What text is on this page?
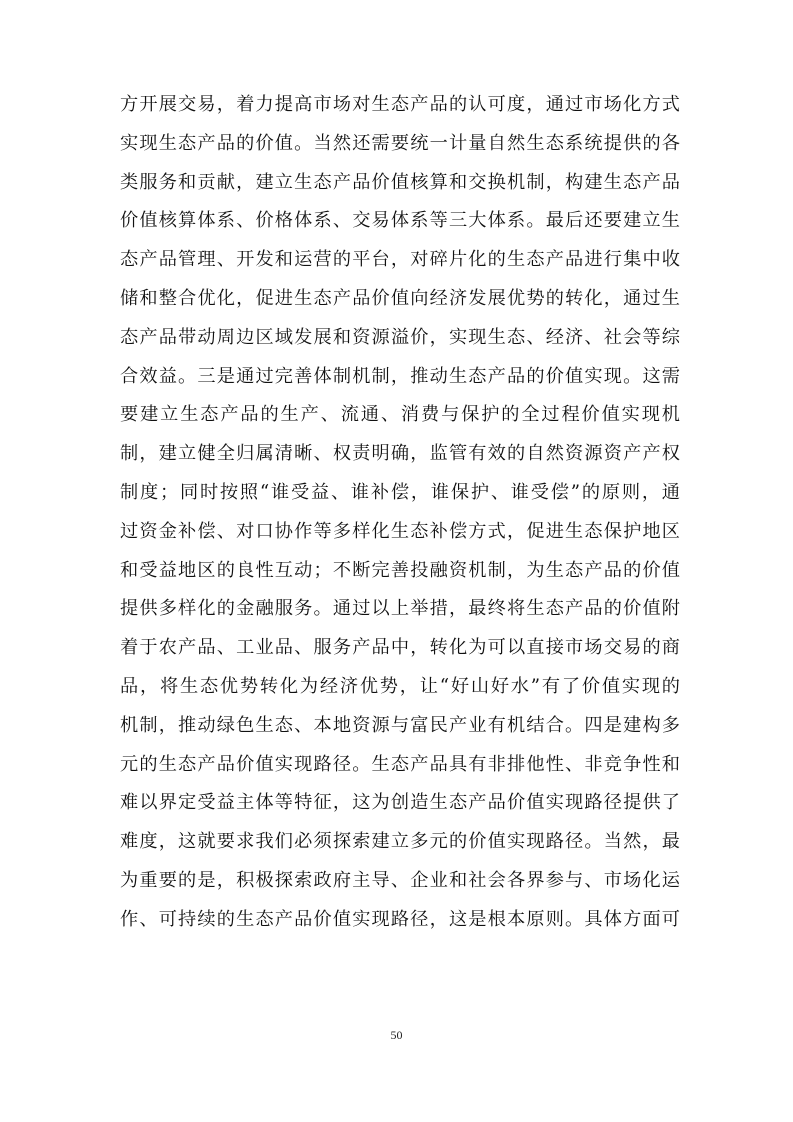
方开展交易，着力提高市场对生态产品的认可度，通过市场化方式
实现生态产品的价值。当然还需要统一计量自然生态系统提供的各
类服务和贡献，建立生态产品价值核算和交换机制，构建生态产品
价值核算体系、价格体系、交易体系等三大体系。最后还要建立生
态产品管理、开发和运营的平台，对碎片化的生态产品进行集中收
储和整合优化，促进生态产品价值向经济发展优势的转化，通过生
态产品带动周边区域发展和资源溢价，实现生态、经济、社会等综
合效益。三是通过完善体制机制，推动生态产品的价值实现。这需
要建立生态产品的生产、流通、消费与保护的全过程价值实现机
制，建立健全归属清晰、权责明确，监管有效的自然资源资产产权
制度；同时按照“谁受益、谁补偿，谁保护、谁受偿”的原则，通
过资金补偿、对口协作等多样化生态补偿方式，促进生态保护地区
和受益地区的良性互动；不断完善投融资机制，为生态产品的价值
提供多样化的金融服务。通过以上举措，最终将生态产品的价值附
着于农产品、工业品、服务产品中，转化为可以直接市场交易的商
品，将生态优势转化为经济优势，让“好山好水”有了价值实现的
机制，推动绿色生态、本地资源与富民产业有机结合。四是建构多
元的生态产品价值实现路径。生态产品具有非排他性、非竞争性和
难以界定受益主体等特征，这为创造生态产品价值实现路径提供了
难度，这就要求我们必须探索建立多元的价值实现路径。当然，最
为重要的是，积极探索政府主导、企业和社会各界参与、市场化运
作、可持续的生态产品价值实现路径，这是根本原则。具体方面可
50
